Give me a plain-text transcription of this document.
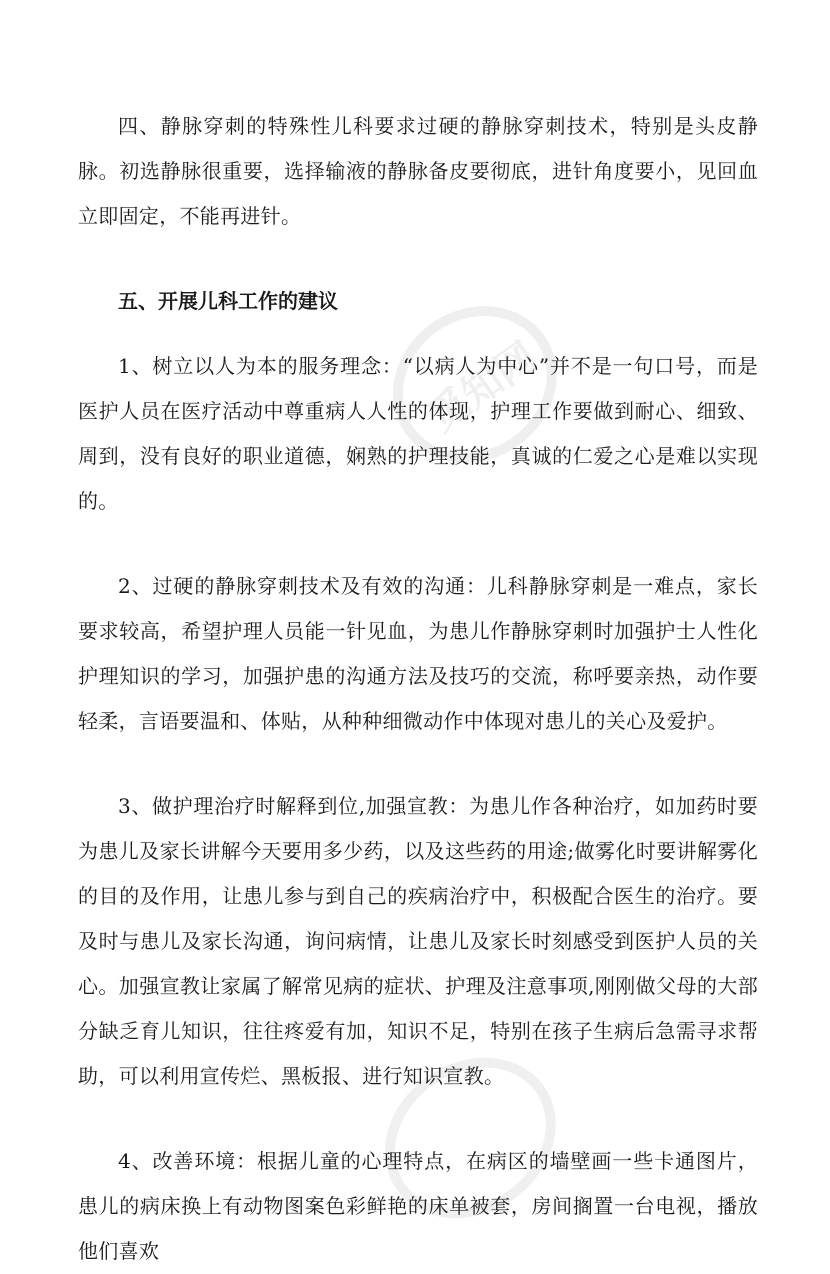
觅知网

四、静脉穿刺的特殊性儿科要求过硬的静脉穿刺技术，特别是头皮静脉。初选静脉很重要，选择输液的静脉备皮要彻底，进针角度要小，见回血立即固定，不能再进针。

五、开展儿科工作的建议

1、树立以人为本的服务理念：“以病人为中心”并不是一句口号，而是医护人员在医疗活动中尊重病人人性的体现，护理工作要做到耐心、细致、周到，没有良好的职业道德，娴熟的护理技能，真诚的仁爱之心是难以实现的。

2、过硬的静脉穿刺技术及有效的沟通：儿科静脉穿刺是一难点，家长要求较高，希望护理人员能一针见血，为患儿作静脉穿刺时加强护士人性化护理知识的学习，加强护患的沟通方法及技巧的交流，称呼要亲热，动作要轻柔，言语要温和、体贴，从种种细微动作中体现对患儿的关心及爱护。

3、做护理治疗时解释到位,加强宣教：为患儿作各种治疗，如加药时要为患儿及家长讲解今天要用多少药，以及这些药的用途;做雾化时要讲解雾化的目的及作用，让患儿参与到自己的疾病治疗中，积极配合医生的治疗。要及时与患儿及家长沟通，询问病情，让患儿及家长时刻感受到医护人员的关心。加强宣教让家属了解常见病的症状、护理及注意事项,刚刚做父母的大部分缺乏育儿知识，往往疼爱有加，知识不足，特别在孩子生病后急需寻求帮助，可以利用宣传烂、黑板报、进行知识宣教。

4、改善环境：根据儿童的心理特点，在病区的墙壁画一些卡通图片，患儿的病床换上有动物图案色彩鲜艳的床单被套，房间搁置一台电视，播放他们喜欢
